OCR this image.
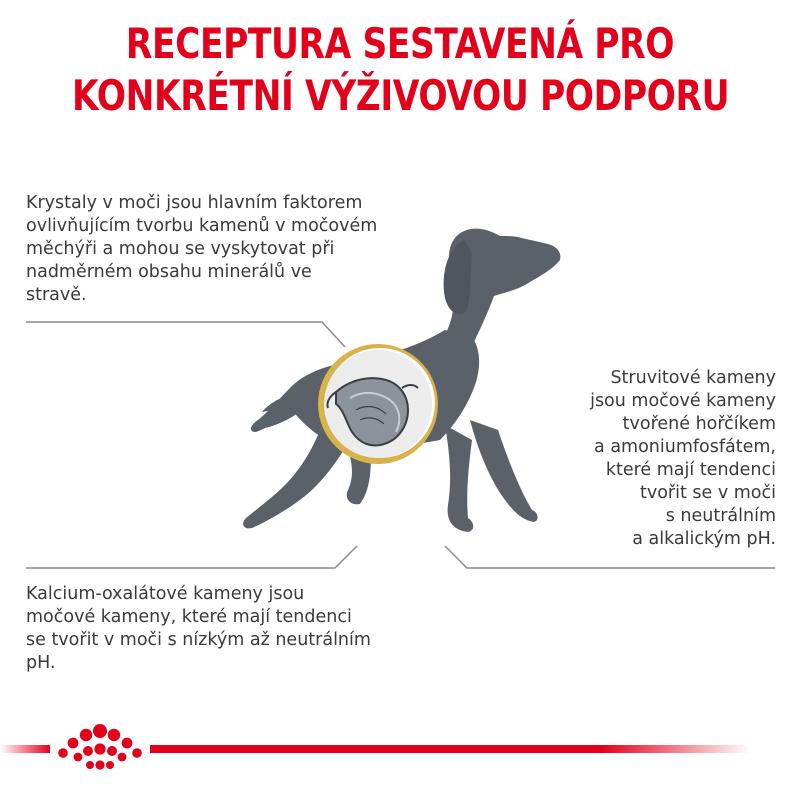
RECEPTURA SESTAVENÁ PRO
KONKRÉTNÍ VÝŽIVOVOU PODPORU
Krystaly v moči jsou hlavním faktorem
ovlivňujícím tvorbu kamenů v močovém
měchýři a mohou se vyskytovat při
nadměrném obsahu minerálů ve
stravě.
Struvitové kameny
jsou močové kameny
tvořené hořčíkem
a amoniumfosfátem,
které mají tendenci
tvořit se v moči
s neutrálním
a alkalickým pH.
Kalcium-oxalátové kameny jsou
močové kameny, které mají tendenci
se tvořit v moči s nízkým až neutrálním
pH.
